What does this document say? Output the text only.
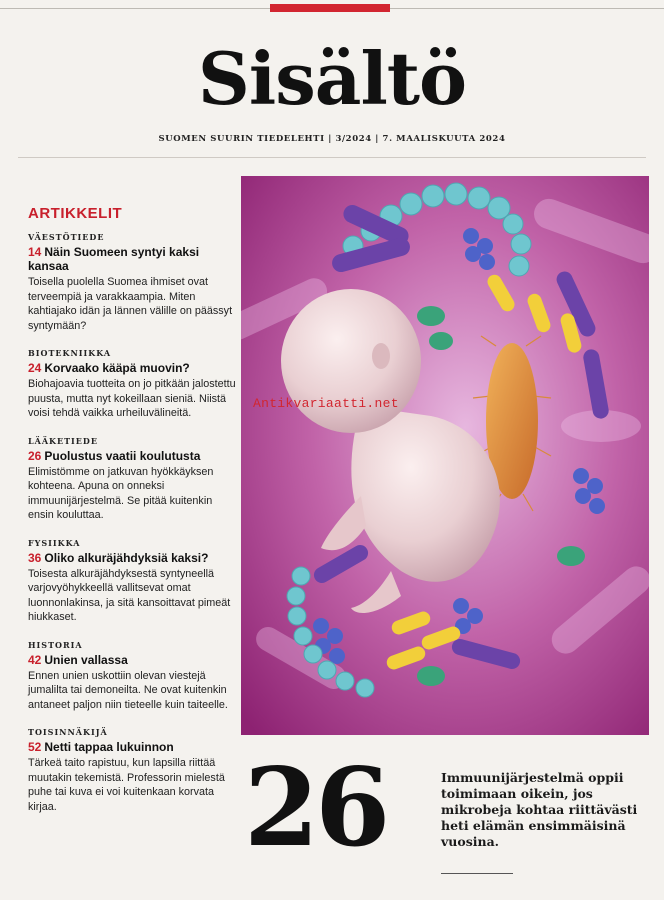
Sisältö
SUOMEN SUURIN TIEDELEHTI | 3/2024 | 7. MAALISKUUTA 2024
ARTIKKELIT
VÄESTÖTIEDE
14 Näin Suomeen syntyi kaksi kansaa
Toisella puolella Suomea ihmiset ovat terveempiä ja varakkaampia. Miten kahtiajako idän ja lännen välille on päässyt syntymään?
BIOTEKNIIKKA
24 Korvaako kääpä muovin?
Biohajoavia tuotteita on jo pitkään jalostettu puusta, mutta nyt kokeillaan sieniä. Niistä voisi tehdä vaikka urheiluvälineitä.
LÄÄKETIEDE
26 Puolustus vaatii koulutusta
Elimistömme on jatkuvan hyökkäyksen kohteena. Apuna on onneksi immuunijärjestelmä. Se pitää kuitenkin ensin kouluttaa.
FYSIIKKA
36 Oliko alkuräjähdyksiä kaksi?
Toisesta alkuräjähdyksestä syntyneellä varjovyöhykkeellä vallitsevat omat luonnonlakinsa, ja sitä kansoittavat pimeät hiukkaset.
HISTORIA
42 Unien vallassa
Ennen unien uskottiin olevan viestejä jumalilta tai demoneilta. Ne ovat kuitenkin antaneet paljon niin tieteelle kuin taiteelle.
TOISINNÄKIJÄ
52 Netti tappaa lukuinnon
Tärkeä taito rapistuu, kun lapsilla riittää muutakin tekemistä. Professorin mielestä puhe tai kuva ei voi kuitenkaan korvata kirjaa.
Antikvariaatti.net
26	Immuunijärjestelmä oppii toimimaan oikein, jos mikrobeja kohtaa riittävästi heti elämän ensimmäisinä vuosina.
